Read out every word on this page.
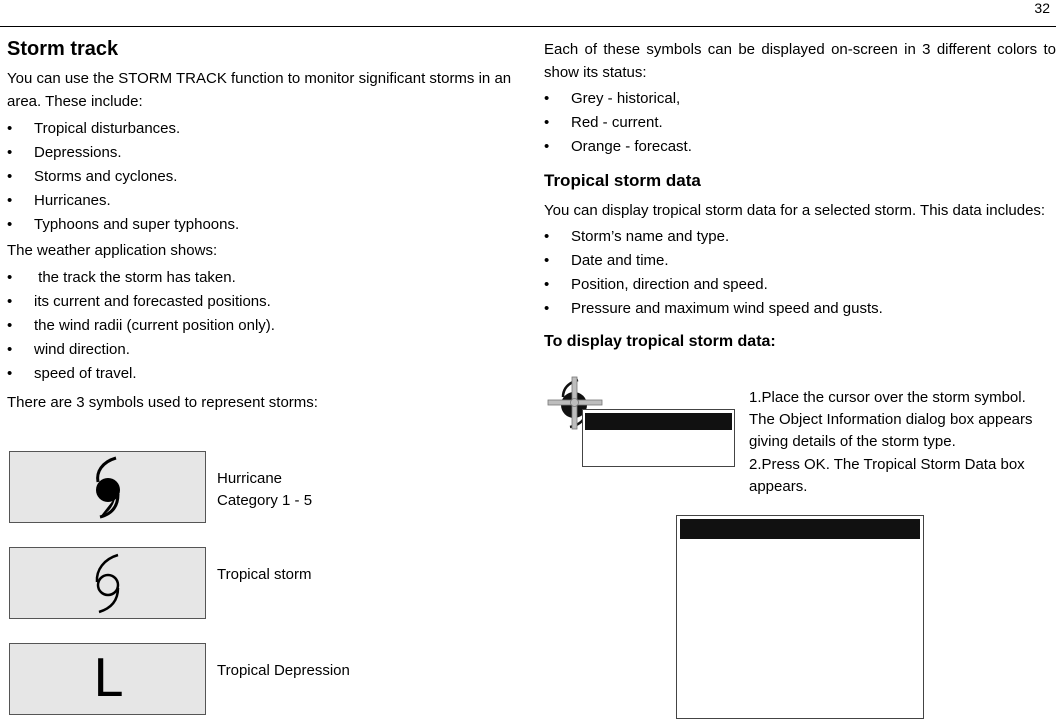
32
Storm track
You can use the STORM TRACK function to monitor significant storms in an area. These include:
• Tropical disturbances.
• Depressions.
• Storms and cyclones.
• Hurricanes.
• Typhoons and super typhoons.
The weather application shows:
•  the track the storm has taken.
• its current and forecasted positions.
• the wind radii (current position only).
• wind direction.
• speed of travel.
There are 3 symbols used to represent storms:
Hurricane
Category 1 - 5
Tropical storm
L	Tropical Depression
Each of these symbols can be displayed on-screen in 3 different colors to show its status:
• Grey - historical,
• Red - current.
• Orange - forecast.
Tropical storm data
You can display tropical storm data for a selected storm. This data includes:
• Storm’s name and type.
• Date and time.
• Position, direction and speed.
• Pressure and maximum wind speed and gusts.
To display tropical storm data:
1.Place the cursor over the storm symbol.
The Object Information dialog box appears
giving details of the storm type.
2.Press OK. The Tropical Storm Data box
appears.
